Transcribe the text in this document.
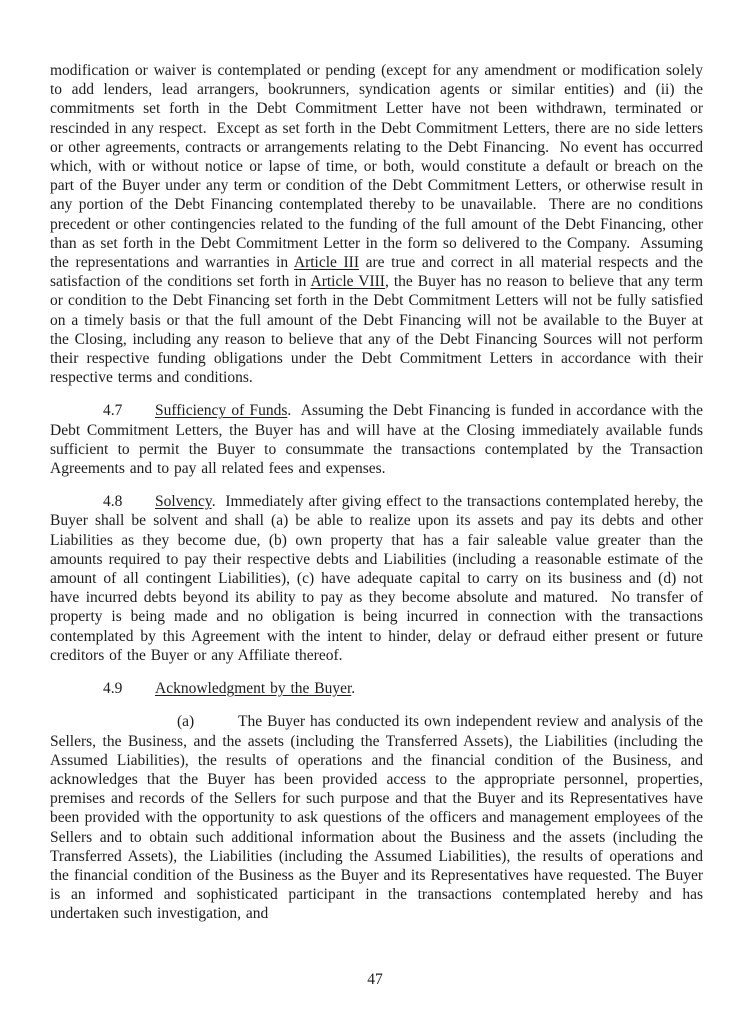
modification or waiver is contemplated or pending (except for any amendment or modification solely to add lenders, lead arrangers, bookrunners, syndication agents or similar entities) and (ii) the commitments set forth in the Debt Commitment Letter have not been withdrawn, terminated or rescinded in any respect.  Except as set forth in the Debt Commitment Letters, there are no side letters or other agreements, contracts or arrangements relating to the Debt Financing.  No event has occurred which, with or without notice or lapse of time, or both, would constitute a default or breach on the part of the Buyer under any term or condition of the Debt Commitment Letters, or otherwise result in any portion of the Debt Financing contemplated thereby to be unavailable.  There are no conditions precedent or other contingencies related to the funding of the full amount of the Debt Financing, other than as set forth in the Debt Commitment Letter in the form so delivered to the Company.  Assuming the representations and warranties in Article III are true and correct in all material respects and the satisfaction of the conditions set forth in Article VIII, the Buyer has no reason to believe that any term or condition to the Debt Financing set forth in the Debt Commitment Letters will not be fully satisfied on a timely basis or that the full amount of the Debt Financing will not be available to the Buyer at the Closing, including any reason to believe that any of the Debt Financing Sources will not perform their respective funding obligations under the Debt Commitment Letters in accordance with their respective terms and conditions.

4.7 Sufficiency of Funds.  Assuming the Debt Financing is funded in accordance with the Debt Commitment Letters, the Buyer has and will have at the Closing immediately available funds sufficient to permit the Buyer to consummate the transactions contemplated by the Transaction Agreements and to pay all related fees and expenses.

4.8 Solvency.  Immediately after giving effect to the transactions contemplated hereby, the Buyer shall be solvent and shall (a) be able to realize upon its assets and pay its debts and other Liabilities as they become due, (b) own property that has a fair saleable value greater than the amounts required to pay their respective debts and Liabilities (including a reasonable estimate of the amount of all contingent Liabilities), (c) have adequate capital to carry on its business and (d) not have incurred debts beyond its ability to pay as they become absolute and matured.  No transfer of property is being made and no obligation is being incurred in connection with the transactions contemplated by this Agreement with the intent to hinder, delay or defraud either present or future creditors of the Buyer or any Affiliate thereof.

4.9 Acknowledgment by the Buyer.

(a)	The Buyer has conducted its own independent review and analysis of the Sellers, the Business, and the assets (including the Transferred Assets), the Liabilities (including the Assumed Liabilities), the results of operations and the financial condition of the Business, and acknowledges that the Buyer has been provided access to the appropriate personnel, properties, premises and records of the Sellers for such purpose and that the Buyer and its Representatives have been provided with the opportunity to ask questions of the officers and management employees of the Sellers and to obtain such additional information about the Business and the assets (including the Transferred Assets), the Liabilities (including the Assumed Liabilities), the results of operations and the financial condition of the Business as the Buyer and its Representatives have requested. The Buyer is an informed and sophisticated participant in the transactions contemplated hereby and has undertaken such investigation, and

47
